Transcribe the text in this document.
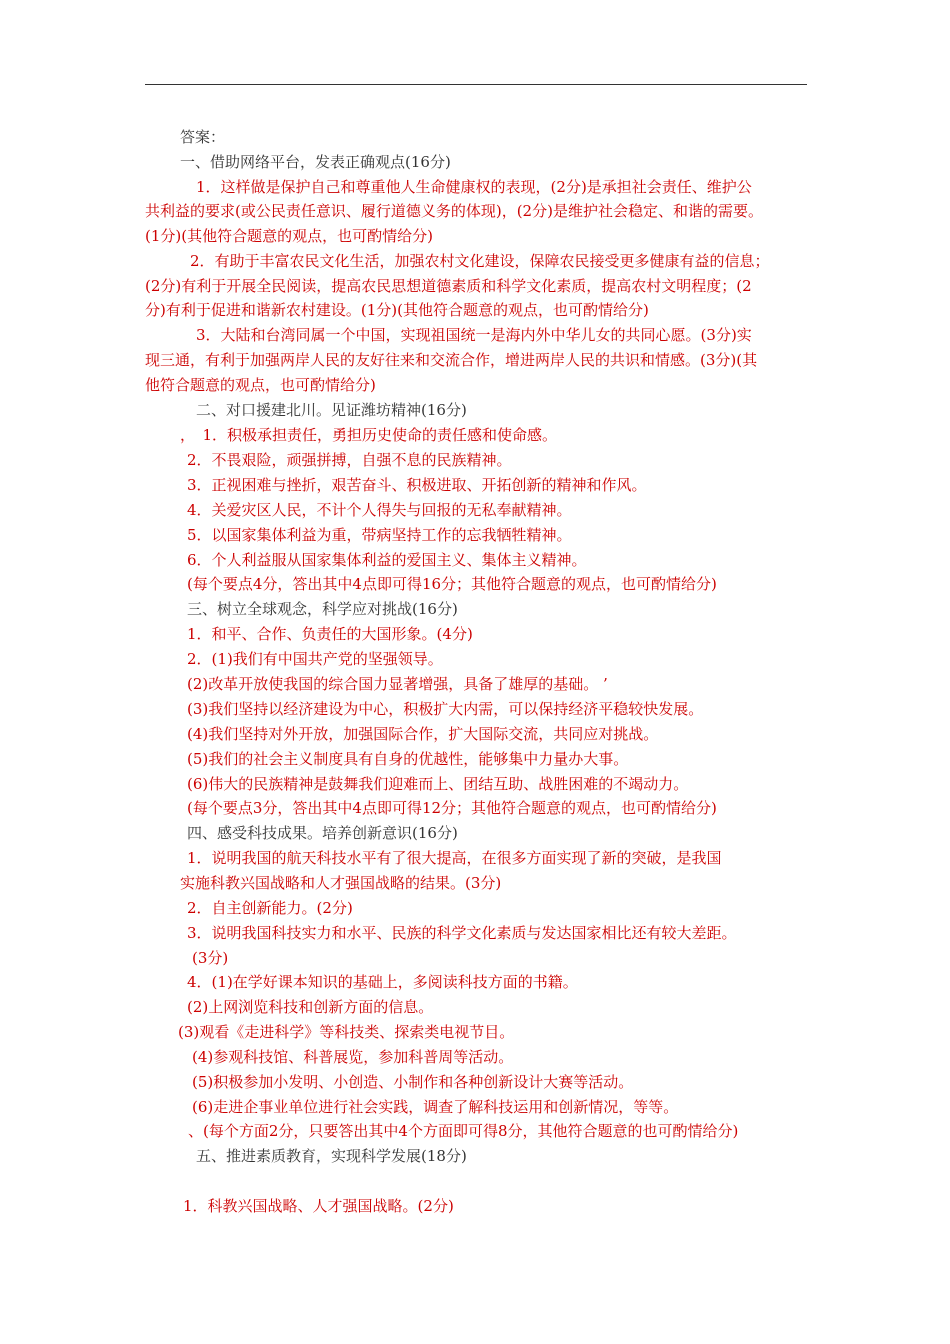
答案：
一、借助网络平台，发表正确观点(16分)
1．这样做是保护自己和尊重他人生命健康权的表现，(2分)是承担社会责任、维护公
共利益的要求(或公民责任意识、履行道德义务的体现)，(2分)是维护社会稳定、和谐的需要。
(1分)(其他符合题意的观点，也可酌情给分)
2．有助于丰富农民文化生活，加强农村文化建设，保障农民接受更多健康有益的信息；
(2分)有利于开展全民阅读，提高农民思想道德素质和科学文化素质，提高农村文明程度；(2
分)有利于促进和谐新农村建设。(1分)(其他符合题意的观点，也可酌情给分)
3．大陆和台湾同属一个中国，实现祖国统一是海内外中华儿女的共同心愿。(3分)实
现三通，有利于加强两岸人民的友好往来和交流合作，增进两岸人民的共识和情感。(3分)(其
他符合题意的观点，也可酌情给分)
二、对口援建北川。见证潍坊精神(16分)
，　1．积极承担责任，勇担历史使命的责任感和使命感。
2．不畏艰险，顽强拼搏，自强不息的民族精神。
3．正视困难与挫折，艰苦奋斗、积极进取、开拓创新的精神和作风。
4．关爱灾区人民，不计个人得失与回报的无私奉献精神。
5．以国家集体利益为重，带病坚持工作的忘我牺牲精神。
6．个人利益服从国家集体利益的爱国主义、集体主义精神。
(每个要点4分，答出其中4点即可得16分；其他符合题意的观点，也可酌情给分)
三、树立全球观念，科学应对挑战(16分)
1．和平、合作、负责任的大国形象。(4分)
2．(1)我们有中国共产党的坚强领导。
(2)改革开放使我国的综合国力显著增强，具备了雄厚的基础。 ’
(3)我们坚持以经济建设为中心，积极扩大内需，可以保持经济平稳较快发展。
(4)我们坚持对外开放，加强国际合作，扩大国际交流，共同应对挑战。
(5)我们的社会主义制度具有自身的优越性，能够集中力量办大事。
(6)伟大的民族精神是鼓舞我们迎难而上、团结互助、战胜困难的不竭动力。
(每个要点3分，答出其中4点即可得12分；其他符合题意的观点，也可酌情给分)
四、感受科技成果。培养创新意识(16分)
1．说明我国的航天科技水平有了很大提高，在很多方面实现了新的突破，是我国
实施科教兴国战略和人才强国战略的结果。(3分)
2．自主创新能力。(2分)
3．说明我国科技实力和水平、民族的科学文化素质与发达国家相比还有较大差距。
(3分)
4．(1)在学好课本知识的基础上，多阅读科技方面的书籍。
(2)上网浏览科技和创新方面的信息。
(3)观看《走进科学》等科技类、探索类电视节目。
(4)参观科技馆、科普展览，参加科普周等活动。
(5)积极参加小发明、小创造、小制作和各种创新设计大赛等活动。
(6)走进企事业单位进行社会实践，调查了解科技运用和创新情况，等等。
、(每个方面2分，只要答出其中4个方面即可得8分，其他符合题意的也可酌情给分)
五、推进素质教育，实现科学发展(18分)
1．科教兴国战略、人才强国战略。(2分)
